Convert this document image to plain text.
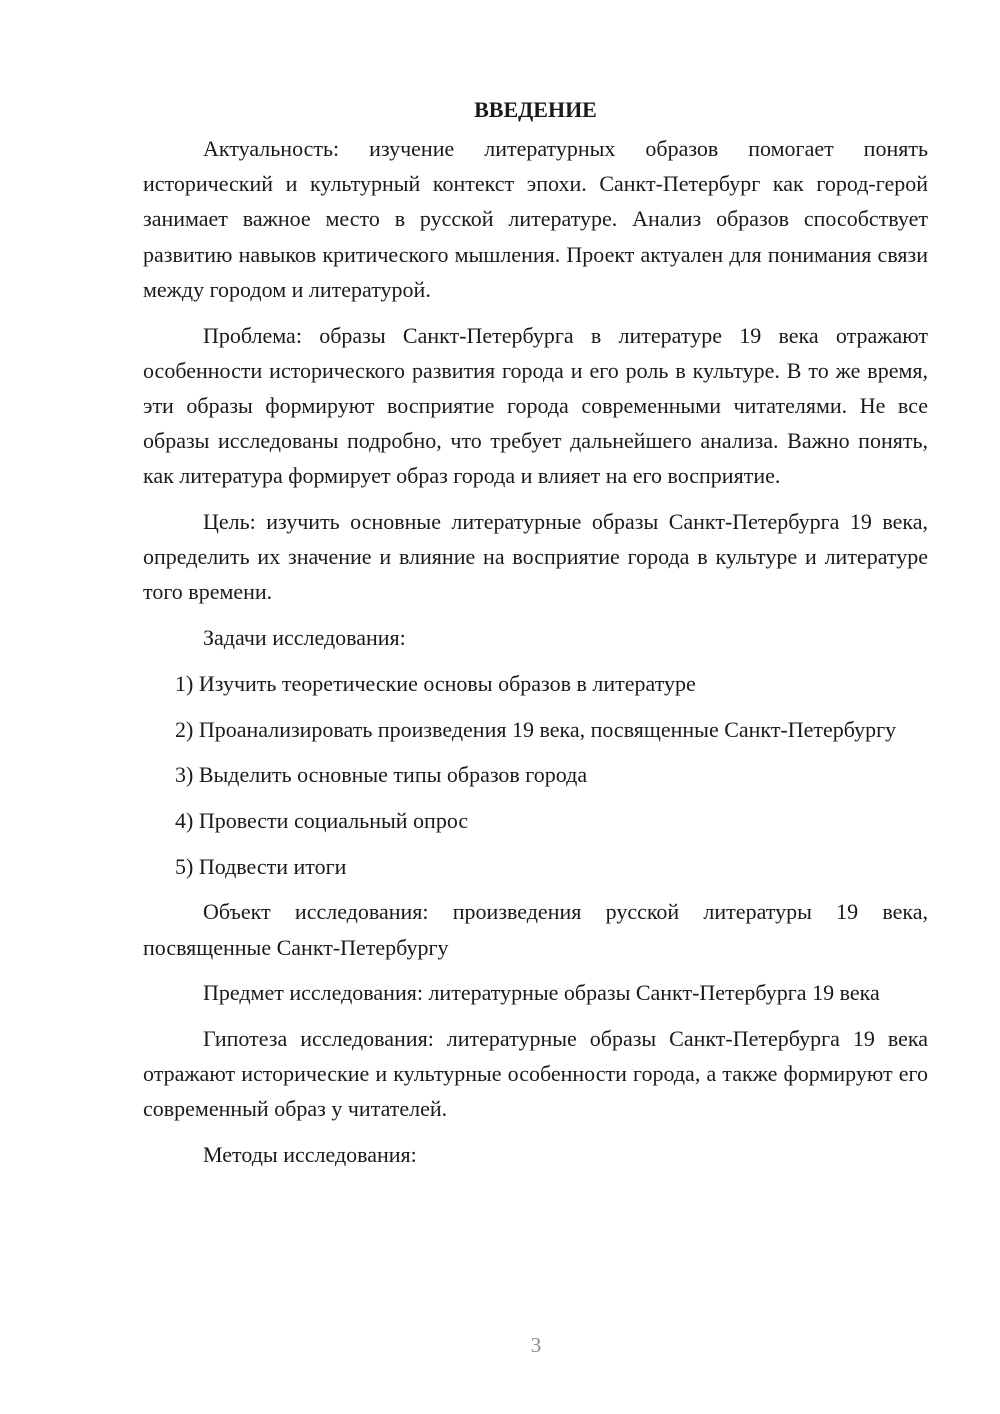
ВВЕДЕНИЕ

Актуальность: изучение литературных образов помогает понять исторический и культурный контекст эпохи. Санкт-Петербург как город-герой занимает важное место в русской литературе. Анализ образов способствует развитию навыков критического мышления. Проект актуален для понимания связи между городом и литературой.

Проблема: образы Санкт-Петербурга в литературе 19 века отражают особенности исторического развития города и его роль в культуре. В то же время, эти образы формируют восприятие города современными читателями. Не все образы исследованы подробно, что требует дальнейшего анализа. Важно понять, как литература формирует образ города и влияет на его восприятие.

Цель: изучить основные литературные образы Санкт-Петербурга 19 века, определить их значение и влияние на восприятие города в культуре и литературе того времени.

Задачи исследования:

1) Изучить теоретические основы образов в литературе

2) Проанализировать произведения 19 века, посвященные Санкт-Петербургу

3) Выделить основные типы образов города

4) Провести социальный опрос

5) Подвести итоги

Объект исследования: произведения русской литературы 19 века, посвященные Санкт-Петербургу

Предмет исследования: литературные образы Санкт-Петербурга 19 века

Гипотеза исследования: литературные образы Санкт-Петербурга 19 века отражают исторические и культурные особенности города, а также формируют его современный образ у читателей.

Методы исследования:

3
